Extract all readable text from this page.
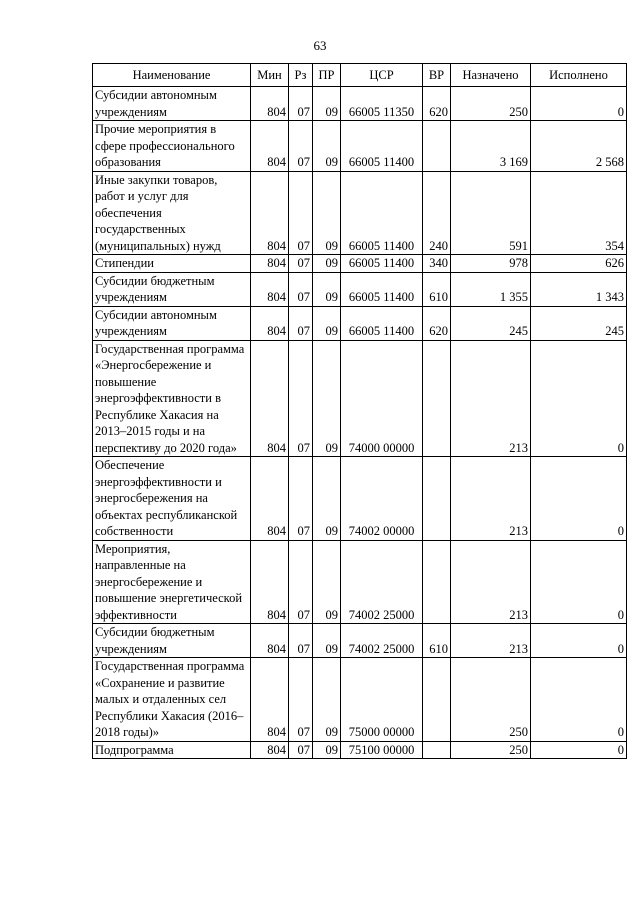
63
Наименование	Мин	Рз	ПР	ЦСР	ВР	Назначено	Исполнено
Субсидии автономным учреждениям	804	07	09	66005 11350	620	250	0
Прочие мероприятия в сфере профессионального образования	804	07	09	66005 11400		3 169	2 568
Иные закупки товаров, работ и услуг для обеспечения государственных (муниципальных) нужд	804	07	09	66005 11400	240	591	354
Стипендии	804	07	09	66005 11400	340	978	626
Субсидии бюджетным учреждениям	804	07	09	66005 11400	610	1 355	1 343
Субсидии автономным учреждениям	804	07	09	66005 11400	620	245	245
Государственная программа «Энергосбережение и повышение энергоэффективности в Республике Хакасия на 2013–2015 годы и на перспективу до 2020 года»	804	07	09	74000 00000		213	0
Обеспечение энергоэффективности и энергосбережения на объектах республиканской собственности	804	07	09	74002 00000		213	0
Мероприятия, направленные на энергосбережение и повышение энергетической эффективности	804	07	09	74002 25000		213	0
Субсидии бюджетным учреждениям	804	07	09	74002 25000	610	213	0
Государственная программа «Сохранение и развитие малых и отдаленных сел Республики Хакасия (2016–2018 годы)»	804	07	09	75000 00000		250	0
Подпрограмма	804	07	09	75100 00000		250	0
